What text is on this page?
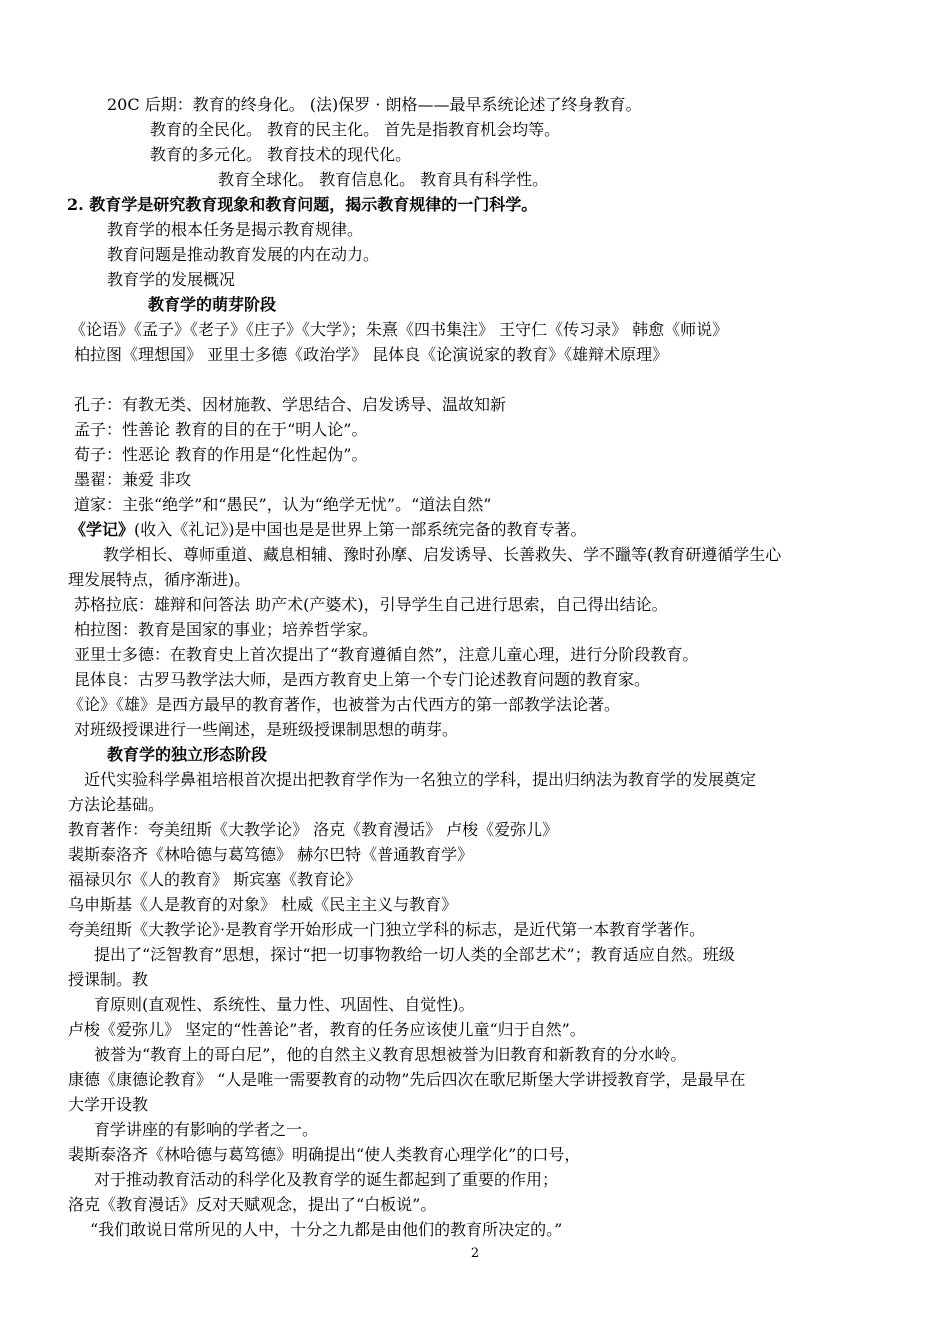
20C 后期：教育的终身化。 (法)保罗 · 朗格——最早系统论述了终身教育。
教育的全民化。 教育的民主化。 首先是指教育机会均等。
教育的多元化。 教育技术的现代化。
教育全球化。 教育信息化。 教育具有科学性。
2. 教育学是研究教育现象和教育问题，揭示教育规律的一门科学。
教育学的根本任务是揭示教育规律。
教育问题是推动教育发展的内在动力。
教育学的发展概况
教育学的萌芽阶段
《论语》《孟子》《老子》《庄子》《大学》；朱熹《四书集注》 王守仁《传习录》 韩愈《师说》
柏拉图《理想国》 亚里士多德《政治学》 昆体良《论演说家的教育》《雄辩术原理》
孔子：有教无类、因材施教、学思结合、启发诱导、温故知新
孟子：性善论 教育的目的在于“明人论”。
荀子：性恶论 教育的作用是“化性起伪”。
墨翟：兼爱 非攻
道家：主张“绝学”和“愚民”，认为“绝学无忧”。“道法自然”
《学记》(收入《礼记》)是中国也是是世界上第一部系统完备的教育专著。
教学相长、尊师重道、藏息相辅、豫时孙摩、启发诱导、长善救失、学不躐等(教育研遵循学生心
理发展特点，循序渐进)。
苏格拉底：雄辩和问答法 助产术(产婆术)，引导学生自己进行思索，自己得出结论。
柏拉图：教育是国家的事业；培养哲学家。
亚里士多德：在教育史上首次提出了“教育遵循自然”，注意儿童心理，进行分阶段教育。
昆体良：古罗马教学法大师，是西方教育史上第一个专门论述教育问题的教育家。
《论》《雄》是西方最早的教育著作，也被誉为古代西方的第一部教学法论著。
对班级授课进行一些阐述，是班级授课制思想的萌芽。
教育学的独立形态阶段
近代实验科学鼻祖培根首次提出把教育学作为一名独立的学科，提出归纳法为教育学的发展奠定
方法论基础。
教育著作：夸美纽斯《大教学论》 洛克《教育漫话》 卢梭《爱弥儿》
裴斯泰洛齐《林哈德与葛笃德》 赫尔巴特《普通教育学》
福禄贝尔《人的教育》 斯宾塞《教育论》
乌申斯基《人是教育的对象》 杜威《民主主义与教育》
夸美纽斯《大教学论》·是教育学开始形成一门独立学科的标志，是近代第一本教育学著作。
提出了“泛智教育”思想，探讨“把一切事物教给一切人类的全部艺术”；教育适应自然。班级
授课制。教
育原则(直观性、系统性、量力性、巩固性、自觉性)。
卢梭《爱弥儿》 坚定的“性善论”者，教育的任务应该使儿童“归于自然”。
被誉为“教育上的哥白尼”，他的自然主义教育思想被誉为旧教育和新教育的分水岭。
康德《康德论教育》 “人是唯一需要教育的动物”先后四次在歌尼斯堡大学讲授教育学，是最早在
大学开设教
育学讲座的有影响的学者之一。
裴斯泰洛齐《林哈德与葛笃德》明确提出“使人类教育心理学化”的口号，
对于推动教育活动的科学化及教育学的诞生都起到了重要的作用；
洛克《教育漫话》反对天赋观念，提出了“白板说”。
“我们敢说日常所见的人中，十分之九都是由他们的教育所决定的。”
2
